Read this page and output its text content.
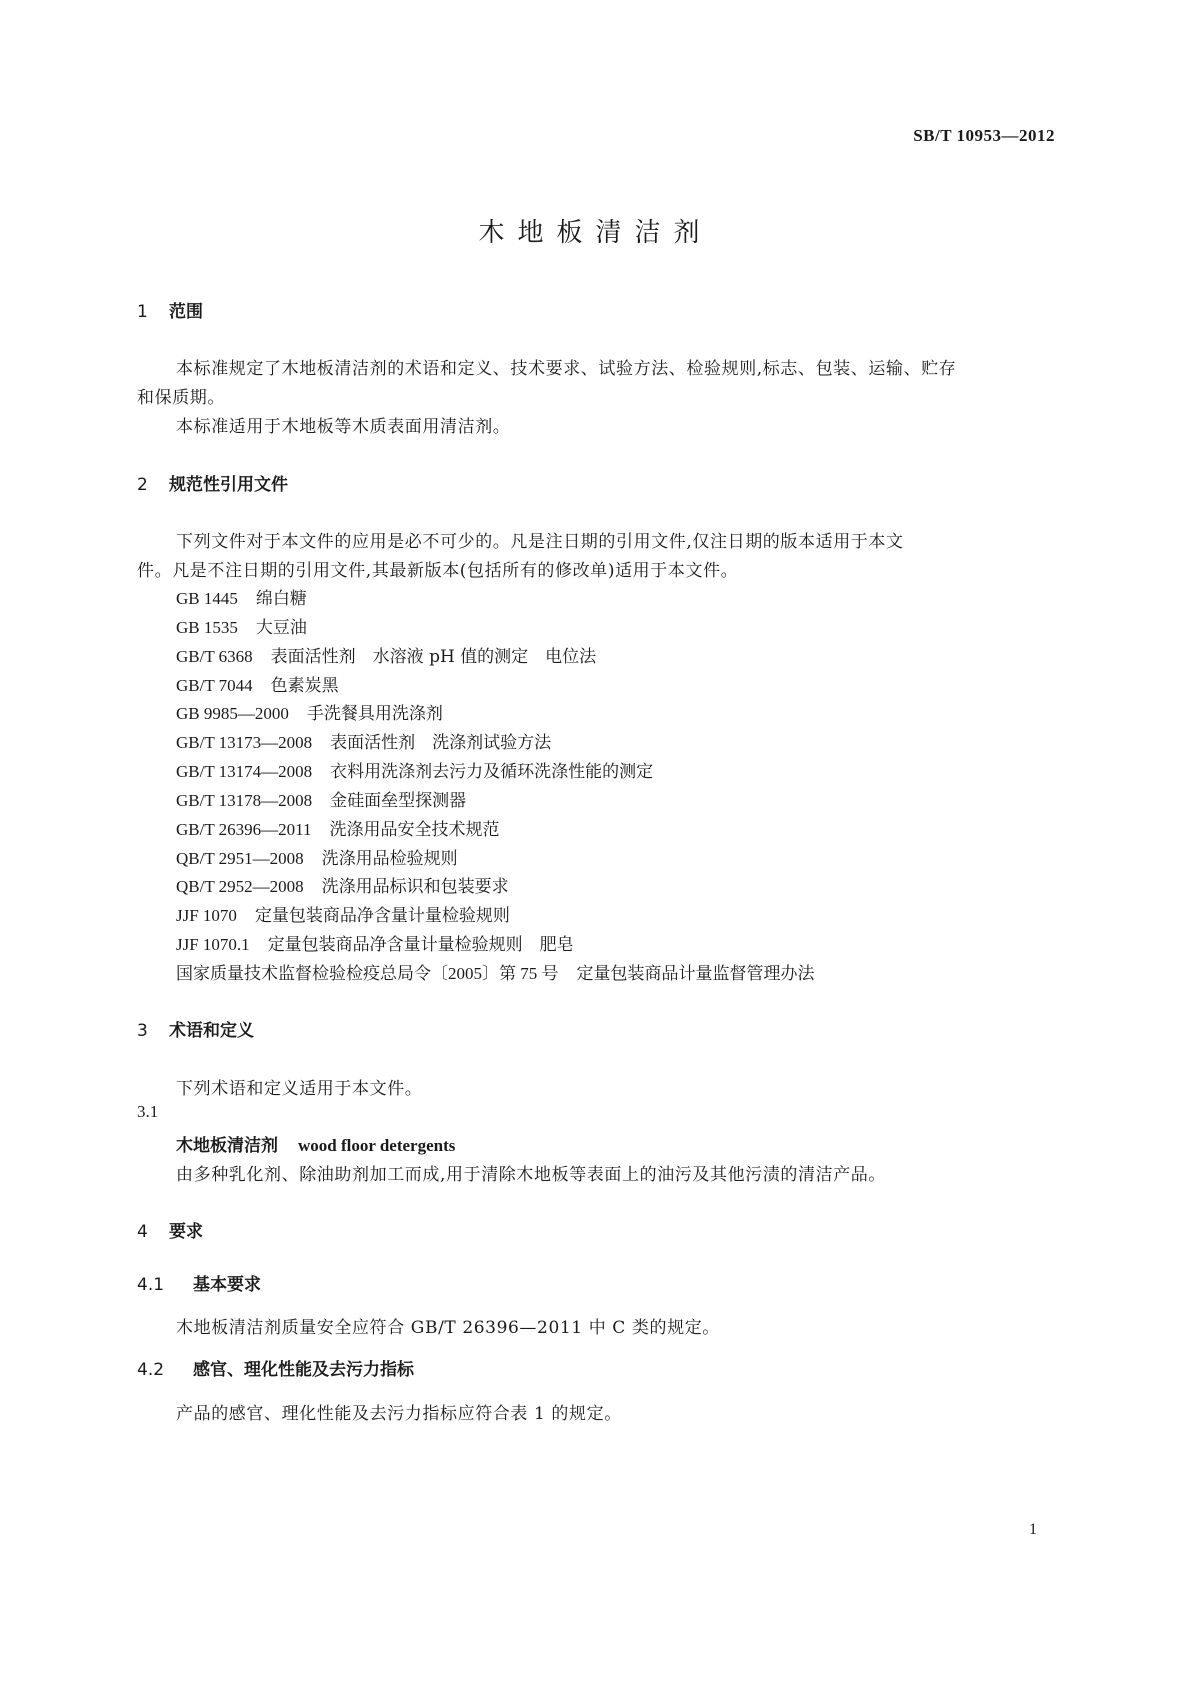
SB/T 10953—2012
木地板清洁剂
1 范围
本标准规定了木地板清洁剂的术语和定义、技术要求、试验方法、检验规则,标志、包装、运输、贮存
和保质期。
本标准适用于木地板等木质表面用清洁剂。
2 规范性引用文件
下列文件对于本文件的应用是必不可少的。凡是注日期的引用文件,仅注日期的版本适用于本文
件。凡是不注日期的引用文件,其最新版本(包括所有的修改单)适用于本文件。
GB 1445 绵白糖
GB 1535 大豆油
GB/T 6368 表面活性剂　水溶液 pH 值的测定　电位法
GB/T 7044 色素炭黑
GB 9985—2000 手洗餐具用洗涤剂
GB/T 13173—2008 表面活性剂　洗涤剂试验方法
GB/T 13174—2008 衣料用洗涤剂去污力及循环洗涤性能的测定
GB/T 13178—2008 金硅面垒型探测器
GB/T 26396—2011 洗涤用品安全技术规范
QB/T 2951—2008 洗涤用品检验规则
QB/T 2952—2008 洗涤用品标识和包装要求
JJF 1070 定量包装商品净含量计量检验规则
JJF 1070.1 定量包装商品净含量计量检验规则　肥皂
国家质量技术监督检验检疫总局令〔2005〕第 75 号 定量包装商品计量监督管理办法
3 术语和定义
下列术语和定义适用于本文件。
3.1
木地板清洁剂 wood floor detergents
由多种乳化剂、除油助剂加工而成,用于清除木地板等表面上的油污及其他污渍的清洁产品。
4 要求
4.1 基本要求
木地板清洁剂质量安全应符合 GB/T 26396—2011 中 C 类的规定。
4.2 感官、理化性能及去污力指标
产品的感官、理化性能及去污力指标应符合表 1 的规定。
1
